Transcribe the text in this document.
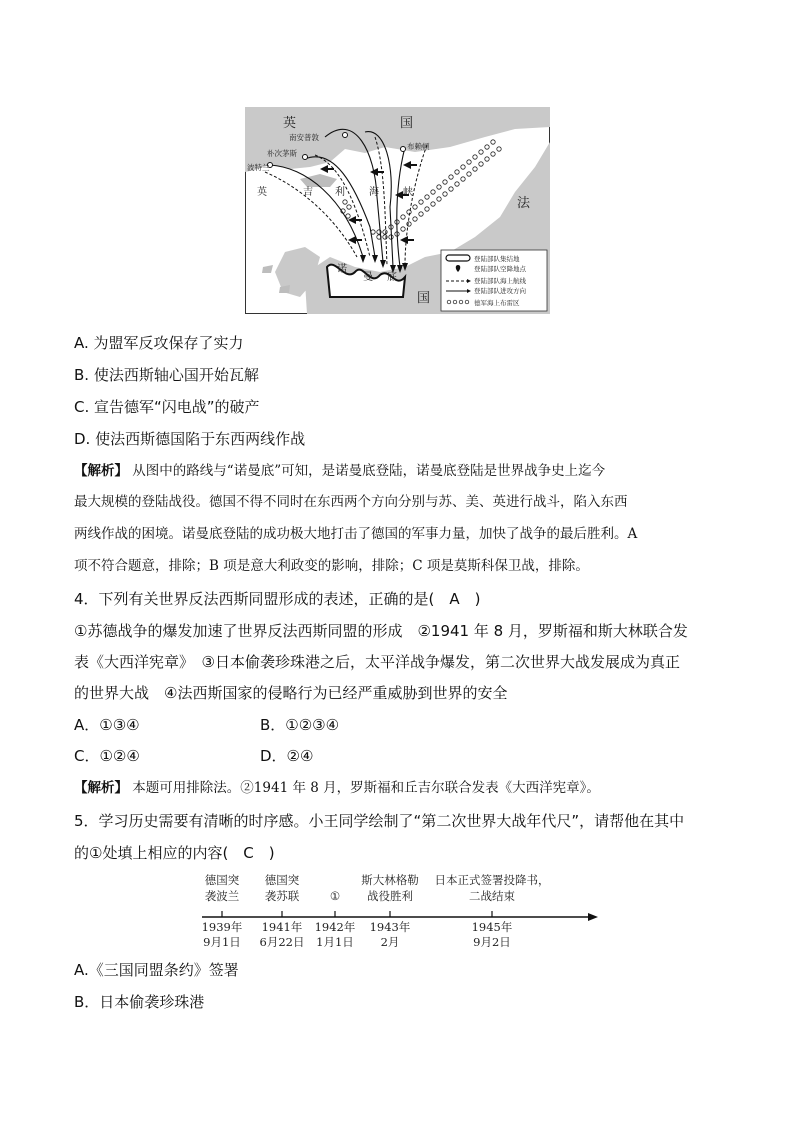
英	国
法
国
南安普敦
朴次茅斯
波特兰
布赖顿
英	吉 利 海 峡
诺
曼 底
登陆部队集结地
登陆部队空降地点
登陆部队海上航线
登陆部队进攻方向
德军海上布雷区
A. 为盟军反攻保存了实力
B. 使法西斯轴心国开始瓦解
C. 宣告德军“闪电战”的破产
D. 使法西斯德国陷于东西两线作战
【解析】 从图中的路线与“诺曼底”可知，是诺曼底登陆，诺曼底登陆是世界战争史上迄今
最大规模的登陆战役。德国不得不同时在东西两个方向分别与苏、美、英进行战斗，陷入东西
两线作战的困境。诺曼底登陆的成功极大地打击了德国的军事力量，加快了战争的最后胜利。A
项不符合题意，排除；B 项是意大利政变的影响，排除；C 项是莫斯科保卫战，排除。
4．下列有关世界反法西斯同盟形成的表述，正确的是(　A　)
①苏德战争的爆发加速了世界反法西斯同盟的形成　②1941 年 8 月，罗斯福和斯大林联合发
表《大西洋宪章》　③日本偷袭珍珠港之后，太平洋战争爆发，第二次世界大战发展成为真正
的世界大战　④法西斯国家的侵略行为已经严重威胁到世界的安全
A．①③④	B．①②③④
C．①②④	D．②④
【解析】 本题可用排除法。②1941 年 8 月，罗斯福和丘吉尔联合发表《大西洋宪章》。
5．学习历史需要有清晰的时序感。小王同学绘制了“第二次世界大战年代尺”，请帮他在其中
的①处填上相应的内容(　C　)
德国突
袭波兰
1939年
9月1日
德国突
袭苏联
1941年
6月22日
①
1942年
1月1日
斯大林格勒
战役胜利
1943年
2月
日本正式签署投降书，
二战结束
1945年
9月2日
A.《三国同盟条约》签署
B．日本偷袭珍珠港
